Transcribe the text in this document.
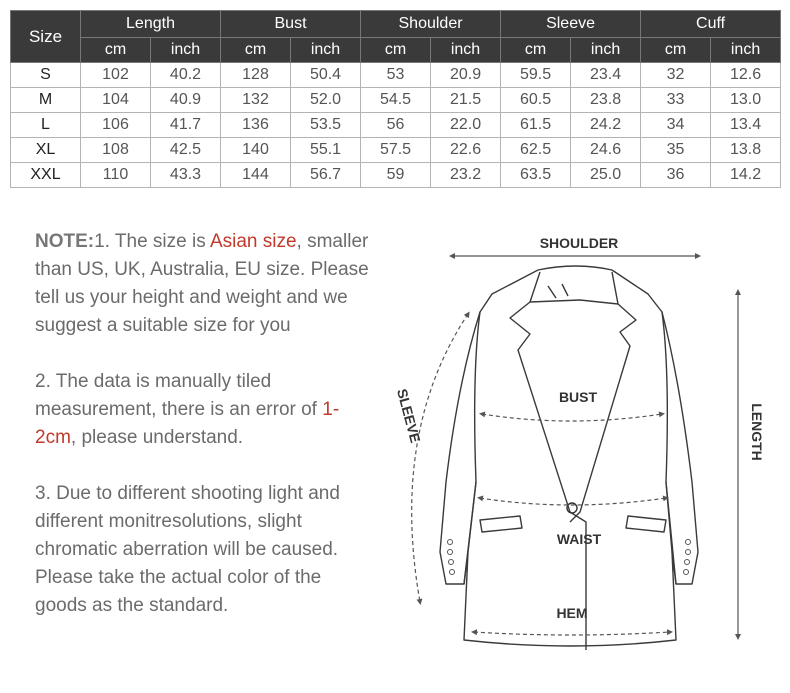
Size	Length		Bust		Shoulder		Sleeve		Cuff	
	cm	inch	cm	inch	cm	inch	cm	inch	cm	inch
S	102	40.2	128	50.4	53	20.9	59.5	23.4	32	12.6
M	104	40.9	132	52.0	54.5	21.5	60.5	23.8	33	13.0
L	106	41.7	136	53.5	56	22.0	61.5	24.2	34	13.4
XL	108	42.5	140	55.1	57.5	22.6	62.5	24.6	35	13.8
XXL	110	43.3	144	56.7	59	23.2	63.5	25.0	36	14.2

NOTE:1. The size is Asian size, smaller than US, UK, Australia, EU size. Please tell us your height and weight and we suggest a suitable size for you

2. The data is manually tiled measurement, there is an error of 1-2cm, please understand.

3. Due to different shooting light and different monitresolutions, slight chromatic aberration will be caused. Please take the actual color of the goods as the standard.

SHOULDER
LENGTH
SLEEVE	BUST
WAIST
HEM
